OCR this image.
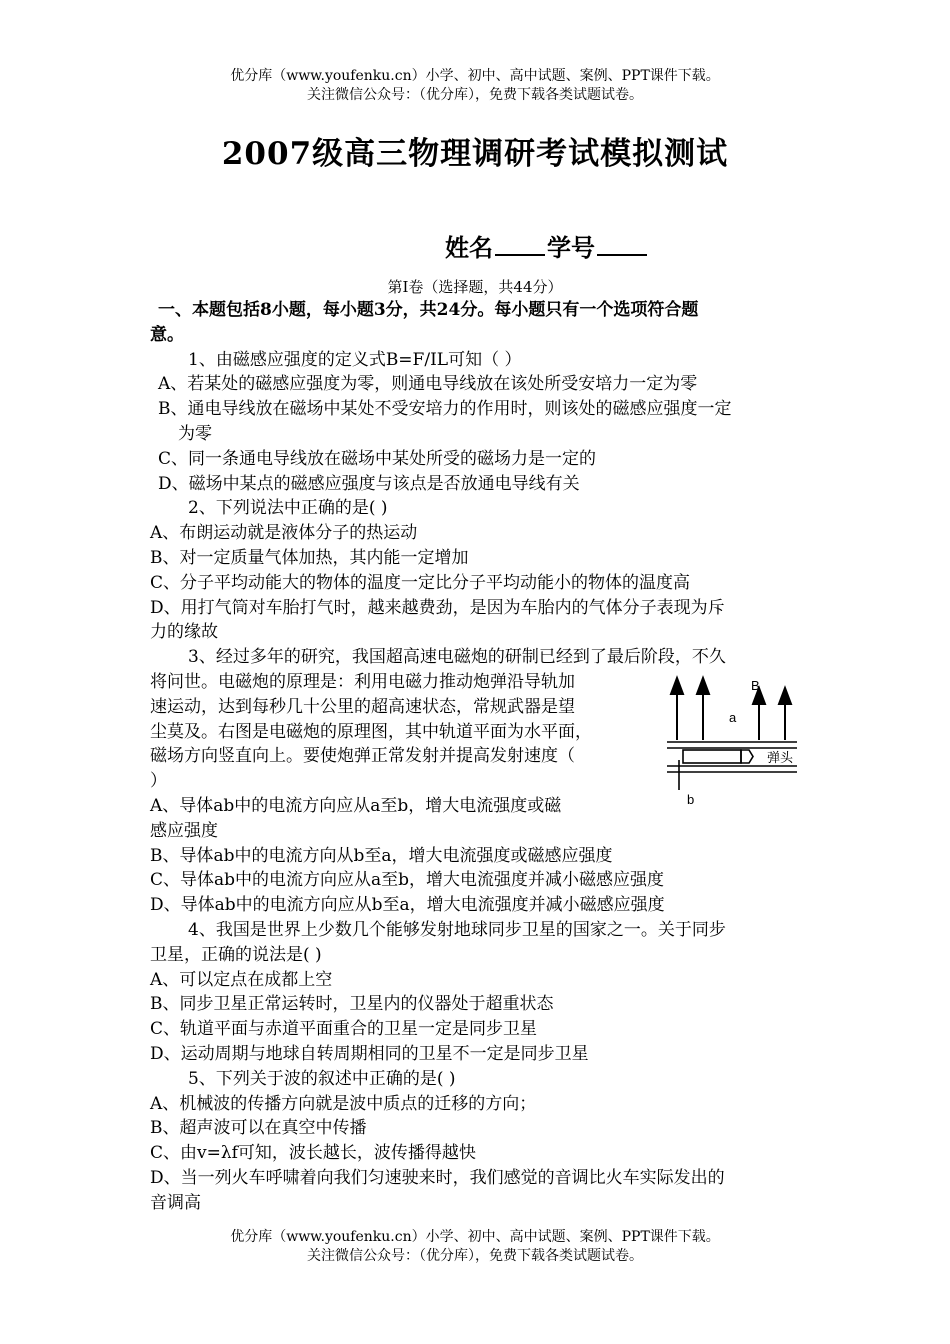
优分库（www.youfenku.cn）小学、初中、高中试题、案例、PPT课件下载。
关注微信公众号：（优分库），免费下载各类试题试卷。
2007级高三物理调研考试模拟测试
姓名 学号
第Ⅰ卷（选择题，共44分）

一、本题包括8小题，每小题3分，共24分。每小题只有一个选项符合题

意。

1、由磁感应强度的定义式B=F/IL可知（ ）

A、若某处的磁感应强度为零，则通电导线放在该处所受安培力一定为零

B、通电导线放在磁场中某处不受安培力的作用时，则该处的磁感应强度一定

为零

C、同一条通电导线放在磁场中某处所受的磁场力是一定的

D、磁场中某点的磁感应强度与该点是否放通电导线有关

2、下列说法中正确的是( )

A、布朗运动就是液体分子的热运动

B、对一定质量气体加热，其内能一定增加

C、分子平均动能大的物体的温度一定比分子平均动能小的物体的温度高

D、用打气筒对车胎打气时，越来越费劲，是因为车胎内的气体分子表现为斥

力的缘故

3、经过多年的研究，我国超高速电磁炮的研制已经到了最后阶段，不久

将问世。电磁炮的原理是：利用电磁力推动炮弹沿导轨加

速运动，达到每秒几十公里的超高速状态，常规武器是望

尘莫及。右图是电磁炮的原理图，其中轨道平面为水平面，

磁场方向竖直向上。要使炮弹正常发射并提高发射速度（

）

A、导体ab中的电流方向应从a至b，增大电流强度或磁

感应强度

B、导体ab中的电流方向从b至a，增大电流强度或磁感应强度

C、导体ab中的电流方向应从a至b，增大电流强度并减小磁感应强度

D、导体ab中的电流方向应从b至a，增大电流强度并减小磁感应强度

4、我国是世界上少数几个能够发射地球同步卫星的国家之一。关于同步

卫星，正确的说法是( )

A、可以定点在成都上空

B、同步卫星正常运转时，卫星内的仪器处于超重状态

C、轨道平面与赤道平面重合的卫星一定是同步卫星

D、运动周期与地球自转周期相同的卫星不一定是同步卫星

5、下列关于波的叙述中正确的是( )

A、机械波的传播方向就是波中质点的迁移的方向；

B、超声波可以在真空中传播

C、由v=λf可知，波长越长，波传播得越快

D、当一列火车呼啸着向我们匀速驶来时，我们感觉的音调比火车实际发出的

音调高

B
a
b
弹头
优分库（www.youfenku.cn）小学、初中、高中试题、案例、PPT课件下载。
关注微信公众号：（优分库），免费下载各类试题试卷。
